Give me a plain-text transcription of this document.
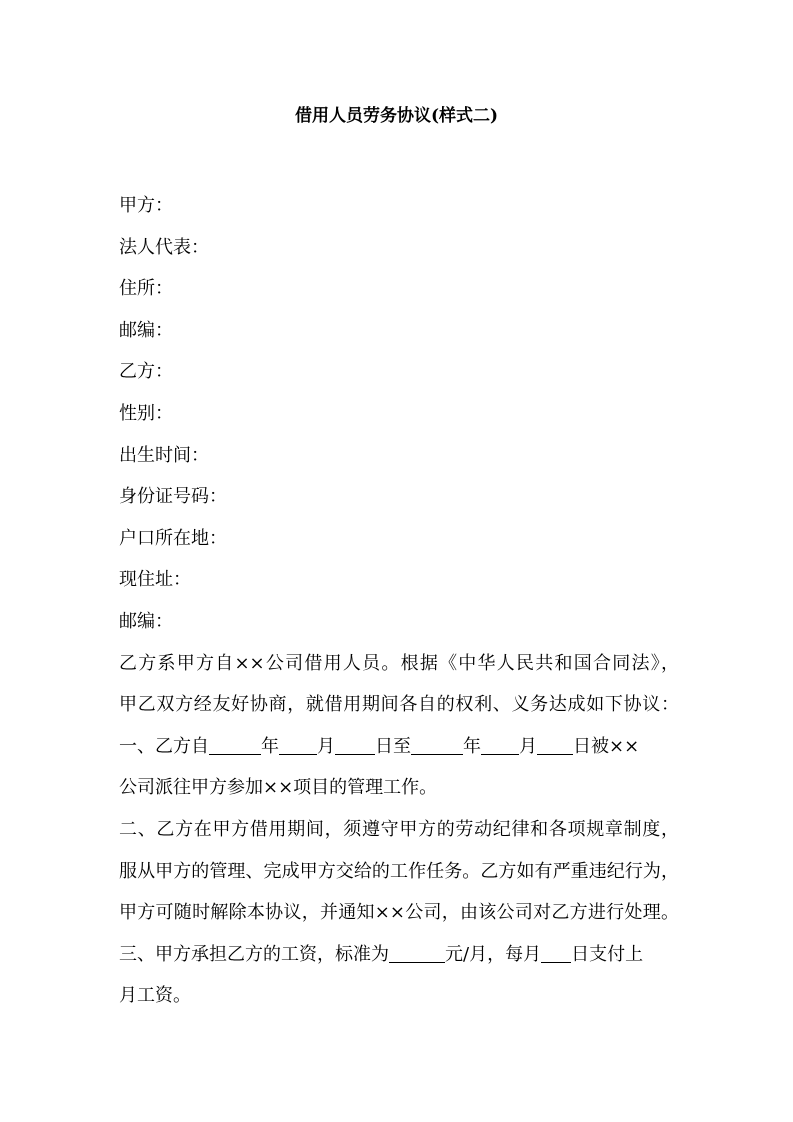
借用人员劳务协议(样式二)
甲方：
法人代表：
住所：
邮编：
乙方：
性别：
出生时间：
身份证号码：
户口所在地：
现住址：
邮编：
乙方系甲方自××公司借用人员。根据《中华人民共和国合同法》，
甲乙双方经友好协商，就借用期间各自的权利、义务达成如下协议：
一、乙方自	年 月 日至	年 月 日被××
公司派往甲方参加××项目的管理工作。
二、乙方在甲方借用期间，须遵守甲方的劳动纪律和各项规章制度，
服从甲方的管理、完成甲方交给的工作任务。乙方如有严重违纪行为，
甲方可随时解除本协议，并通知××公司，由该公司对乙方进行处理。
三、甲方承担乙方的工资，标准为	元/月，每月 日支付上
月工资。
